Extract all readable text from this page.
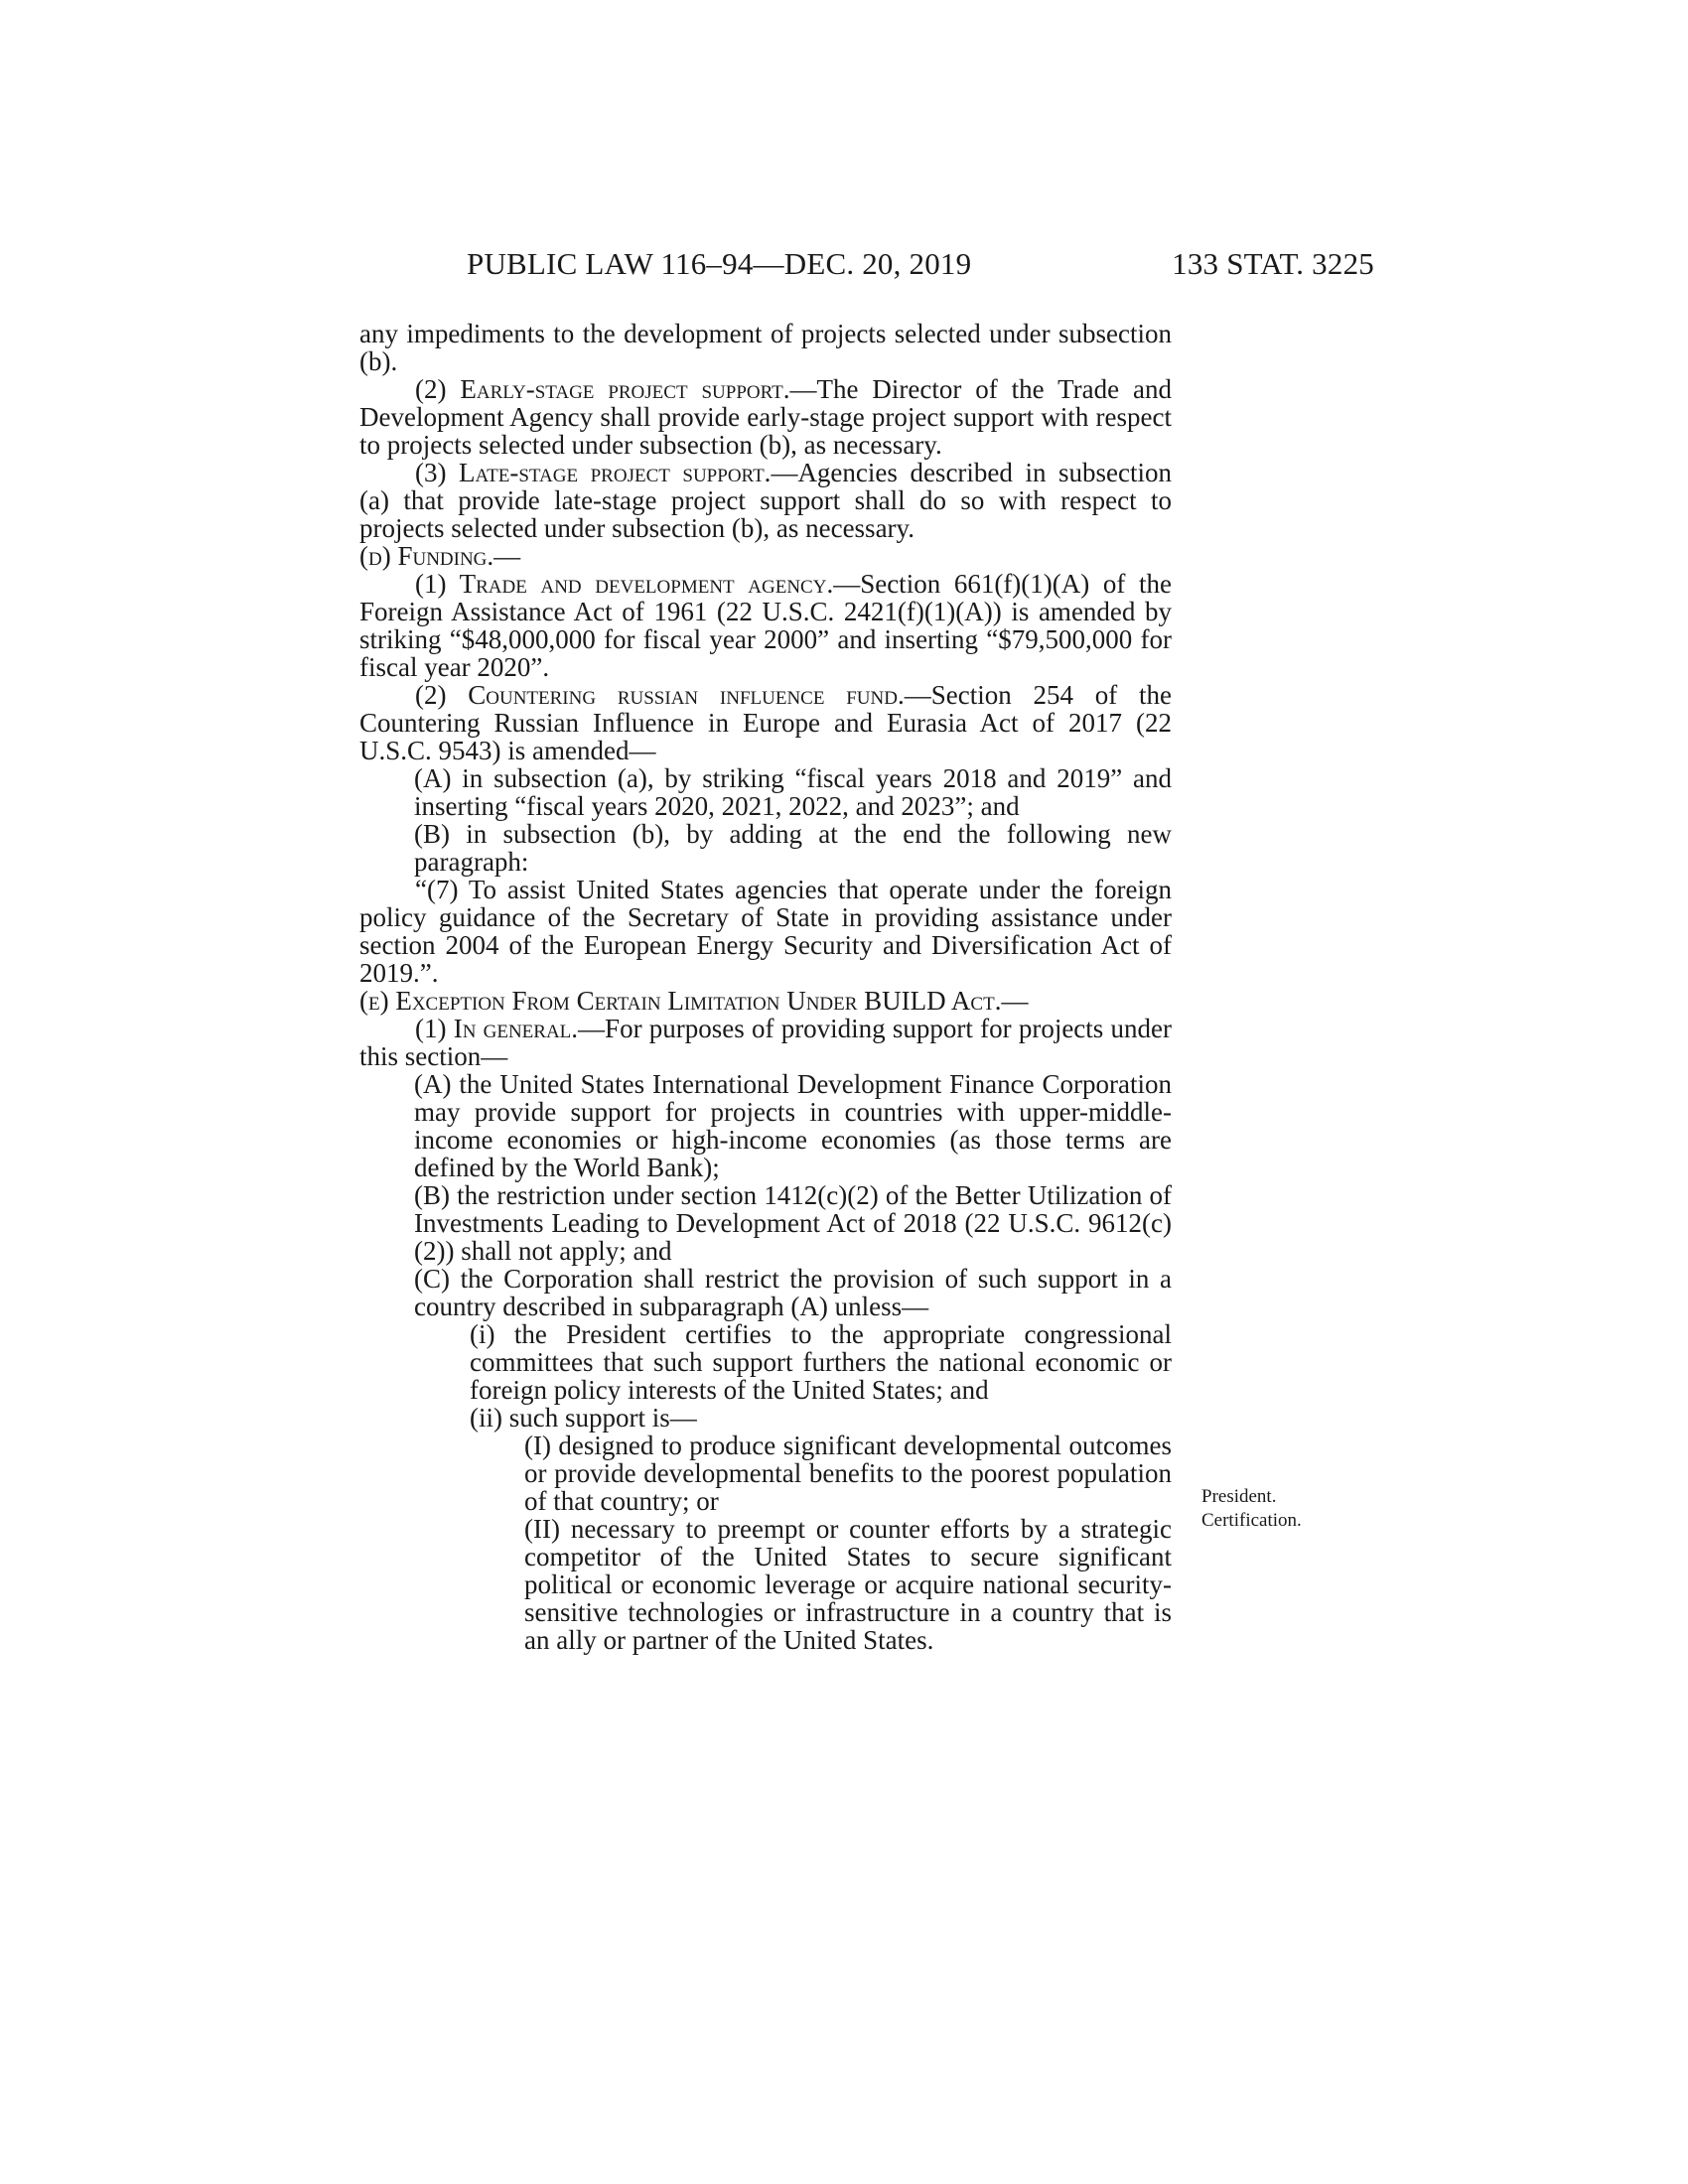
PUBLIC LAW 116–94—DEC. 20, 2019	133 STAT. 3225

any impediments to the development of projects selected under subsection (b).

(2) Early-stage project support.—The Director of the Trade and Development Agency shall provide early-stage project support with respect to projects selected under subsection (b), as necessary.

(3) Late-stage project support.—Agencies described in subsection (a) that provide late-stage project support shall do so with respect to projects selected under subsection (b), as necessary.

(d) Funding.—

(1) Trade and development agency.—Section 661(f)(1)(A) of the Foreign Assistance Act of 1961 (22 U.S.C. 2421(f)(1)(A)) is amended by striking “$48,000,000 for fiscal year 2000” and inserting “$79,500,000 for fiscal year 2020”.

(2) Countering russian influence fund.—Section 254 of the Countering Russian Influence in Europe and Eurasia Act of 2017 (22 U.S.C. 9543) is amended—

(A) in subsection (a), by striking “fiscal years 2018 and 2019” and inserting “fiscal years 2020, 2021, 2022, and 2023”; and

(B) in subsection (b), by adding at the end the following new paragraph:

“(7) To assist United States agencies that operate under the foreign policy guidance of the Secretary of State in providing assistance under section 2004 of the European Energy Security and Diversification Act of 2019.”.

(e) Exception From Certain Limitation Under BUILD Act.—

(1) In general.—For purposes of providing support for projects under this section—

(A) the United States International Development Finance Corporation may provide support for projects in countries with upper-middle-income economies or high-income economies (as those terms are defined by the World Bank);

(B) the restriction under section 1412(c)(2) of the Better Utilization of Investments Leading to Development Act of 2018 (22 U.S.C. 9612(c)(2)) shall not apply; and

(C) the Corporation shall restrict the provision of such support in a country described in subparagraph (A) unless—

(i) the President certifies to the appropriate congressional committees that such support furthers the national economic or foreign policy interests of the United States; and

(ii) such support is—

(I) designed to produce significant developmental outcomes or provide developmental benefits to the poorest population of that country; or

(II) necessary to preempt or counter efforts by a strategic competitor of the United States to secure significant political or economic leverage or acquire national security-sensitive technologies or infrastructure in a country that is an ally or partner of the United States.

President.
Certification.
